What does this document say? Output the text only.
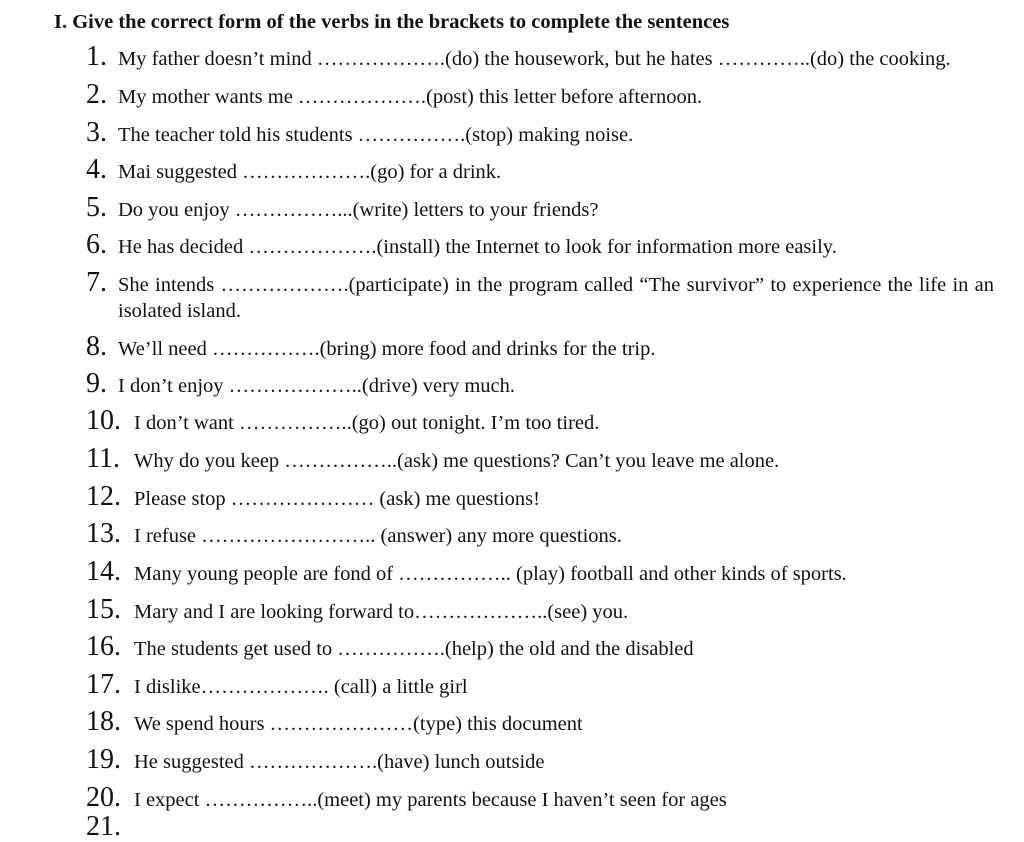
I. Give the correct form of the verbs in the brackets to complete the sentences
1. My father doesn’t mind ……………….(do) the housework, but he hates …………..(do) the cooking.
2. My mother wants me ……………….(post) this letter before afternoon.
3. The teacher told his students …………….(stop) making noise.
4. Mai suggested ……………….(go) for a drink.
5. Do you enjoy ……………...(write) letters to your friends?
6. He has decided ……………….(install) the Internet to look for information more easily.
7. She intends ……………….(participate) in the program called “The survivor” to experience the life in an isolated island.
8. We’ll need …………….(bring) more food and drinks for the trip.
9. I don’t enjoy ………………..(drive) very much.
10. I don’t want ……………..(go) out tonight. I’m too tired.
11. Why do you keep ……………..(ask) me questions? Can’t you leave me alone.
12. Please stop ………………… (ask) me questions!
13. I refuse …………………….. (answer) any more questions.
14. Many young people are fond of …………….. (play) football and other kinds of sports.
15. Mary and I are looking forward to………………..(see) you.
16. The students get used to …………….(help) the old and the disabled
17. I dislike………………. (call) a little girl
18. We spend hours …………………(type) this document
19. He suggested ……………….(have) lunch outside
20. I expect ……………..(meet) my parents because I haven’t seen for ages
21.
